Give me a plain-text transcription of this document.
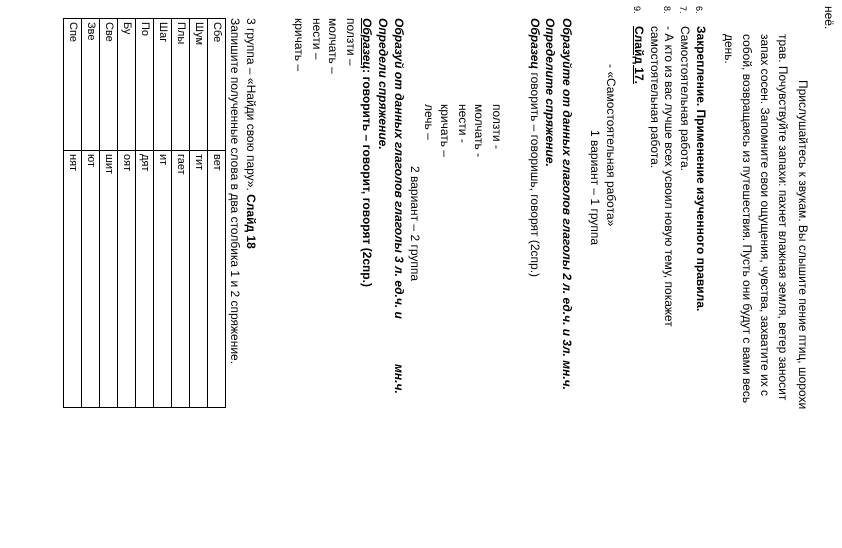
неё.
Прислушайтесь к звукам. Вы слышите пение птиц, шорохи
трав. Почувствуйте запахи: пахнет влажная земля, ветер заносит
запах сосен. Запомните свои ощущения, чувства, захватите их с
собой, возвращаясь из путешествия. Пусть они будут с вами весь
день.
6.
Закрепление. Применение изученного правила.
7.
Самостоятельная работа.
8.
- А кто из вас лучше всех усвоил новую тему, покажет
самостоятельная работа.
9.
Слайд 17.
- «Самостоятельная работа»
1 вариант – 1 группа
Образуйте от данных глаголов глаголы 2 л. ед.ч. и 3л. мн.ч.
Определите спряжение.
Образец говорить – говоришь, говорят (2спр.)
ползти -
молчать -
нести -
кричать –
лечь –
2 вариант – 2 группа
Образуй от данных глаголов глаголы 3 л. ед.ч. и
мн.ч.
Определи спряжение.
Образец: говорить – говорит, говорят (2спр.)
ползти –
молчать –
нести –
кричать –
3 группа – «Найди свою пару». Слайд 18
Запишите полученные слова в два столбика 1 и 2 спряжение.
Сбе	вет
Шум	тит
Плы	гает
Шаг	ит
По	дят
Бу	оят
Све	шит
Зве	ют
Спе	нят
